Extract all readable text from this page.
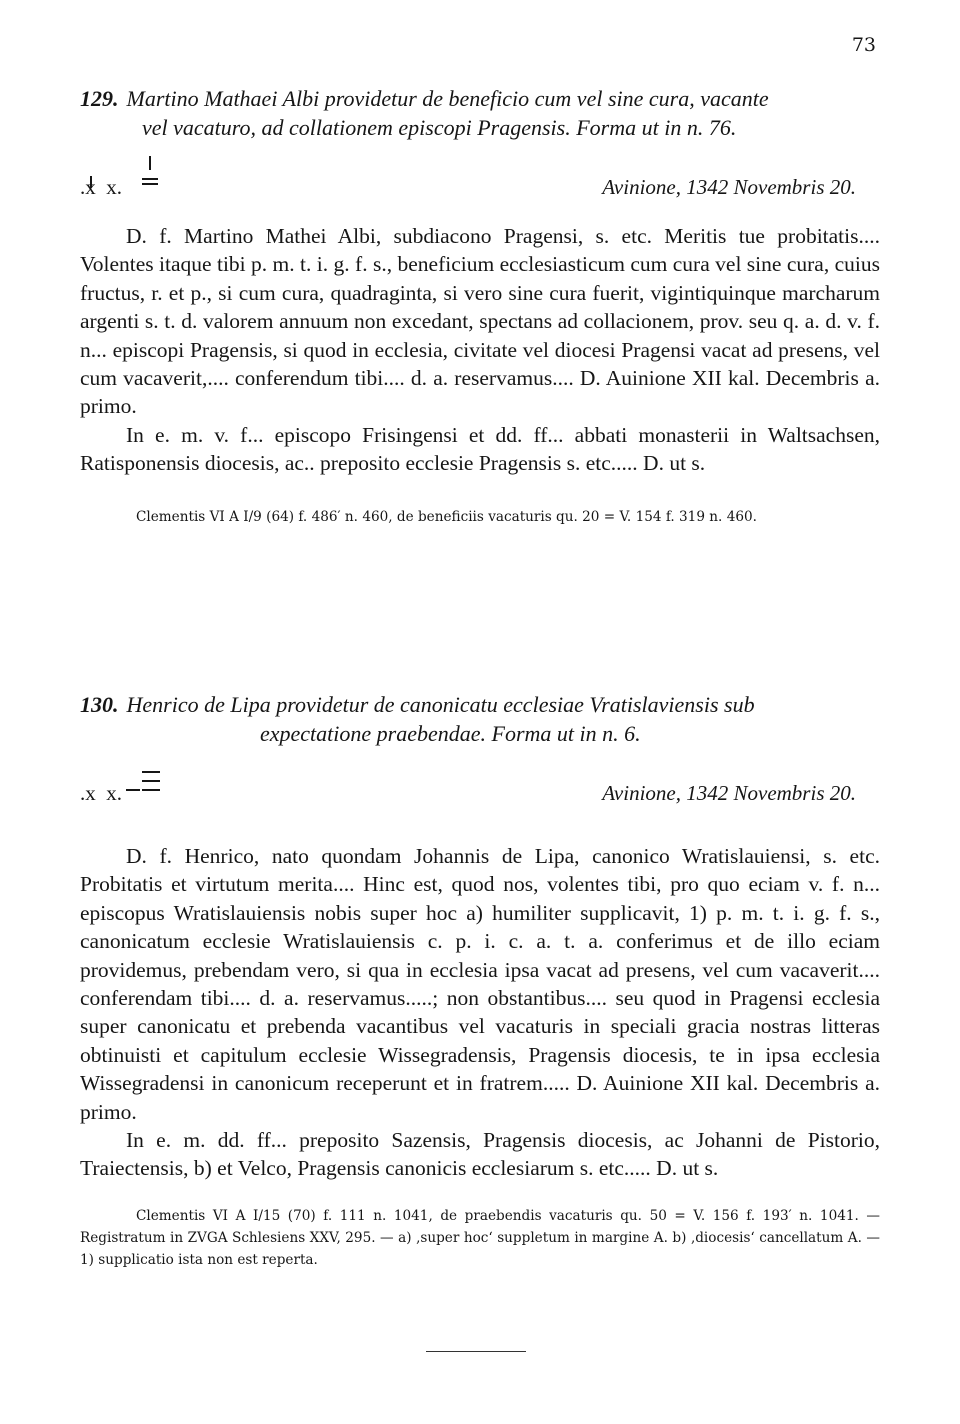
73
129. Martino Mathaei Albi providetur de beneficio cum vel sine cura, vacante
vel vacaturo, ad collationem episcopi Pragensis. Forma ut in n. 76.
.x  x.	Avinione, 1342 Novembris 20.

D. f. Martino Mathei Albi, subdiacono Pragensi, s. etc. Meritis tue probitatis.... Volentes itaque tibi p. m. t. i. g. f. s., beneficium ecclesiasticum cum cura vel sine cura, cuius fructus, r. et p., si cum cura, quadraginta, si vero sine cura fuerit, vigintiquinque marcharum argenti s. t. d. valorem annuum non excedant, spectans ad collacionem, prov. seu q. a. d. v. f. n... episcopi Pragensis, si quod in ecclesia, civitate vel diocesi Pragensi vacat ad presens, vel cum vacaverit,.... conferendum tibi.... d. a. reservamus.... D. Auinione XII kal. Decembris a. primo.

In e. m. v. f... episcopo Frisingensi et dd. ff... abbati monasterii in Waltsachsen, Ratisponensis diocesis, ac.. preposito ecclesie Pragensis s. etc..... D. ut s.

Clementis VI A I/9 (64) f. 486′ n. 460, de beneficiis vacaturis qu. 20 = V. 154 f. 319 n. 460.
130. Henrico de Lipa providetur de canonicatu ecclesiae Vratislaviensis sub
expectatione praebendae. Forma ut in n. 6.
.x  x.	Avinione, 1342 Novembris 20.

D. f. Henrico, nato quondam Johannis de Lipa, canonico Wratislauiensi, s. etc. Probitatis et virtutum merita.... Hinc est, quod nos, volentes tibi, pro quo eciam v. f. n... episcopus Wratislauiensis nobis super hoc a) humiliter supplicavit, 1) p. m. t. i. g. f. s., canonicatum ecclesie Wratislauiensis c. p. i. c. a. t. a. conferimus et de illo eciam providemus, prebendam vero, si qua in ecclesia ipsa vacat ad presens, vel cum vacaverit.... conferendam tibi.... d. a. reservamus.....; non obstantibus.... seu quod in Pragensi ecclesia super canonicatu et prebenda vacantibus vel vacaturis in speciali gracia nostras litteras obtinuisti et capitulum ecclesie Wissegradensis, Pragensis diocesis, te in ipsa ecclesia Wissegradensi in canonicum receperunt et in fratrem..... D. Auinione XII kal. Decembris a. primo.

In e. m. dd. ff... preposito Sazensis, Pragensis diocesis, ac Johanni de Pistorio, Traiectensis, b) et Velco, Pragensis canonicis ecclesiarum s. etc..... D. ut s.

Clementis VI A I/15 (70) f. 111 n. 1041, de praebendis vacaturis qu. 50 = V. 156 f. 193′ n. 1041. — Registratum in ZVGA Schlesiens XXV, 295. — a) ‚super hoc‘ suppletum in margine A. b) ‚diocesis‘ cancellatum A. — 1) supplicatio ista non est reperta.
